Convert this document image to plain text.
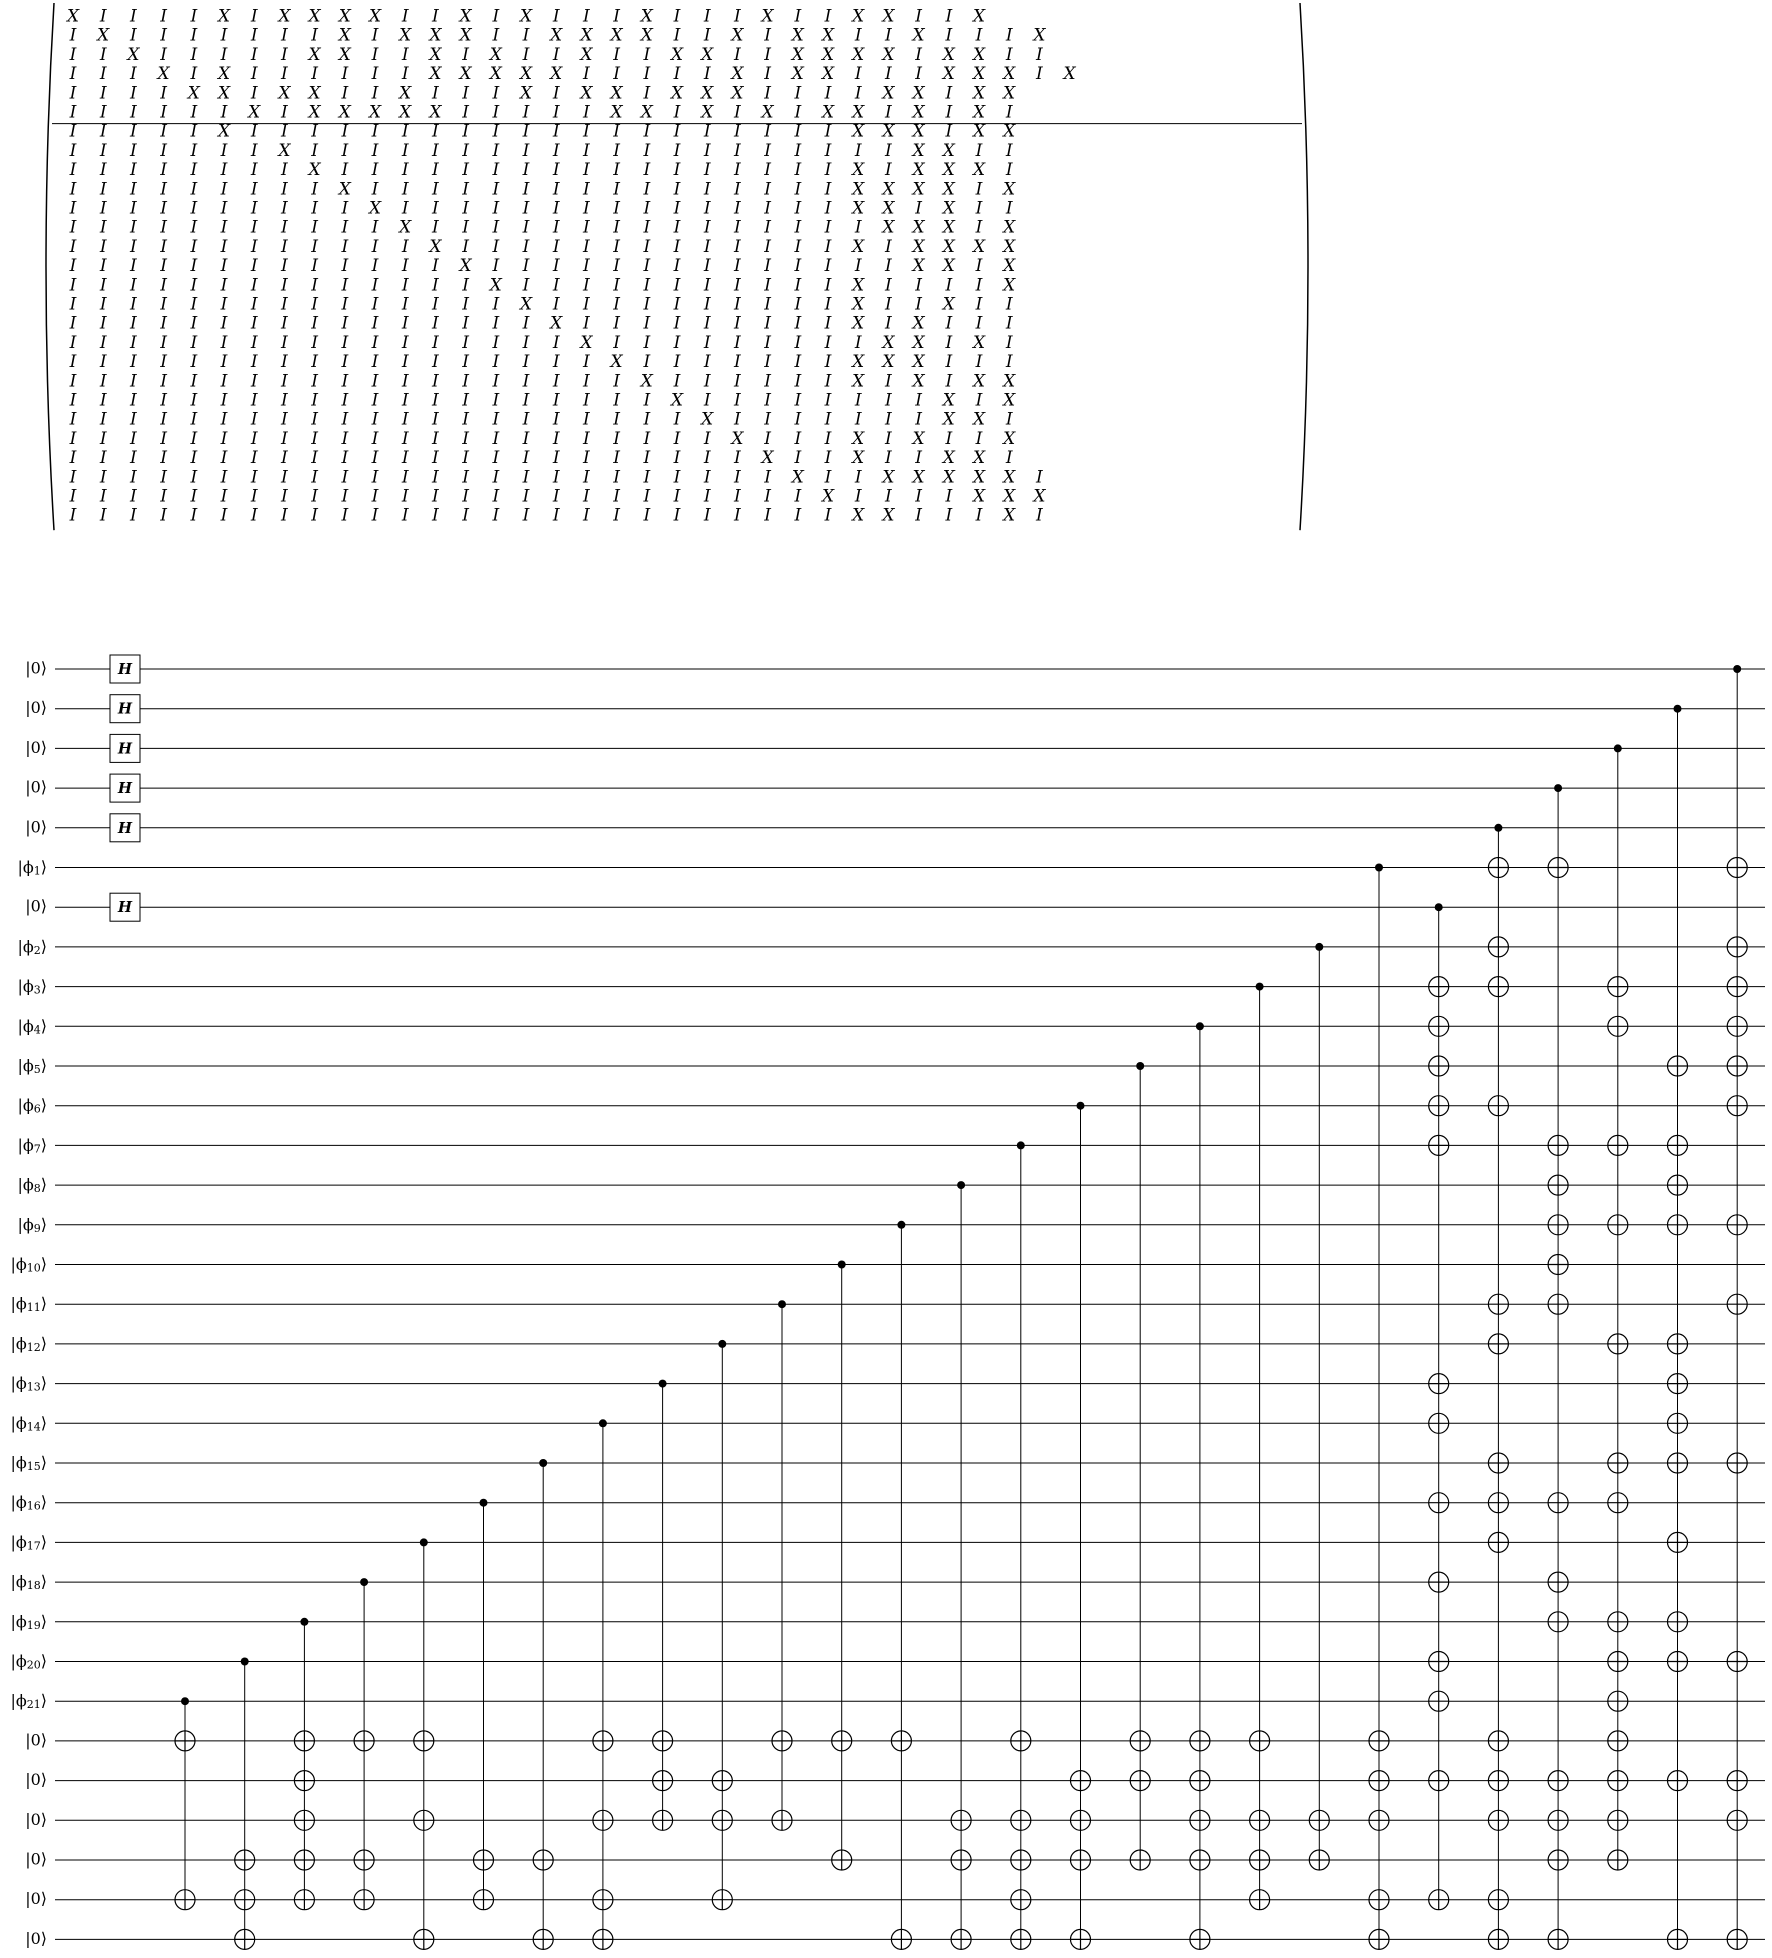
X I I I I X I X X X X I I X I X I I I X I I I X I I X X I I X
I X I I I I I I I X I X X X I I X X X X I I X I X X I I X I I I X
I I X I I I I I X X I I X I X I I X I I X X I I X X X X I X X I I
I I I X I X I I I I I I X X X X X I I I I I X I X X I I I X X X I X
I I I I X X I X X I I X I I I X I X X I X X X I I I I X X I X X
I I I I I I X I X X X X X I I I I I X X I X I X I X X I X I X I
I I I I I X I I I I I I I I I I I I I I I I I I I I X X X I X X
I I I I I I I X I I I I I I I I I I I I I I I I I I I I X X I I
I I I I I I I I X I I I I I I I I I I I I I I I I I X I X X X I
I I I I I I I I I X I I I I I I I I I I I I I I I I X X X X I X
I I I I I I I I I I X I I I I I I I I I I I I I I I X X I X I I
I I I I I I I I I I I X I I I I I I I I I I I I I I I X X X I X
I I I I I I I I I I I I X I I I I I I I I I I I I I X I X X X X
I I I I I I I I I I I I I X I I I I I I I I I I I I I I X X I X
I I I I I I I I I I I I I I X I I I I I I I I I I I X I I I I X
I I I I I I I I I I I I I I I X I I I I I I I I I I X I I X I I
I I I I I I I I I I I I I I I I X I I I I I I I I I X I X I I I
I I I I I I I I I I I I I I I I I X I I I I I I I I I X X I X I
I I I I I I I I I I I I I I I I I I X I I I I I I I X X X I I I
I I I I I I I I I I I I I I I I I I I X I I I I I I X I X I X X
I I I I I I I I I I I I I I I I I I I I X I I I I I I I I X I X
I I I I I I I I I I I I I I I I I I I I I X I I I I I I I X X I
I I I I I I I I I I I I I I I I I I I I I I X I I I X I X I I X
I I I I I I I I I I I I I I I I I I I I I I I X I I X I I X X I
I I I I I I I I I I I I I I I I I I I I I I I I X I I X X X X X I
I I I I I I I I I I I I I I I I I I I I I I I I I X I I I I X X X
I I I I I I I I I I I I I I I I I I I I I I I I I I X X I I I X I
|0⟩
|0⟩
|0⟩
|0⟩
|0⟩
$|\phi_1⟩$
|0⟩
$|\phi_2⟩$
$|\phi_3⟩$
$|\phi_4⟩$
$|\phi_5⟩$
$|\phi_6⟩$
$|\phi_7⟩$
$|\phi_8⟩$
$|\phi_9⟩$
$|\phi_{10}⟩$
$|\phi_{11}⟩$
$|\phi_{12}⟩$
$|\phi_{13}⟩$
$|\phi_{14}⟩$
$|\phi_{15}⟩$
$|\phi_{16}⟩$
$|\phi_{17}⟩$
$|\phi_{18}⟩$
$|\phi_{19}⟩$
$|\phi_{20}⟩$
$|\phi_{21}⟩$
|0⟩
|0⟩
|0⟩
|0⟩
|0⟩
|0⟩
H
H
H
H
H
H
